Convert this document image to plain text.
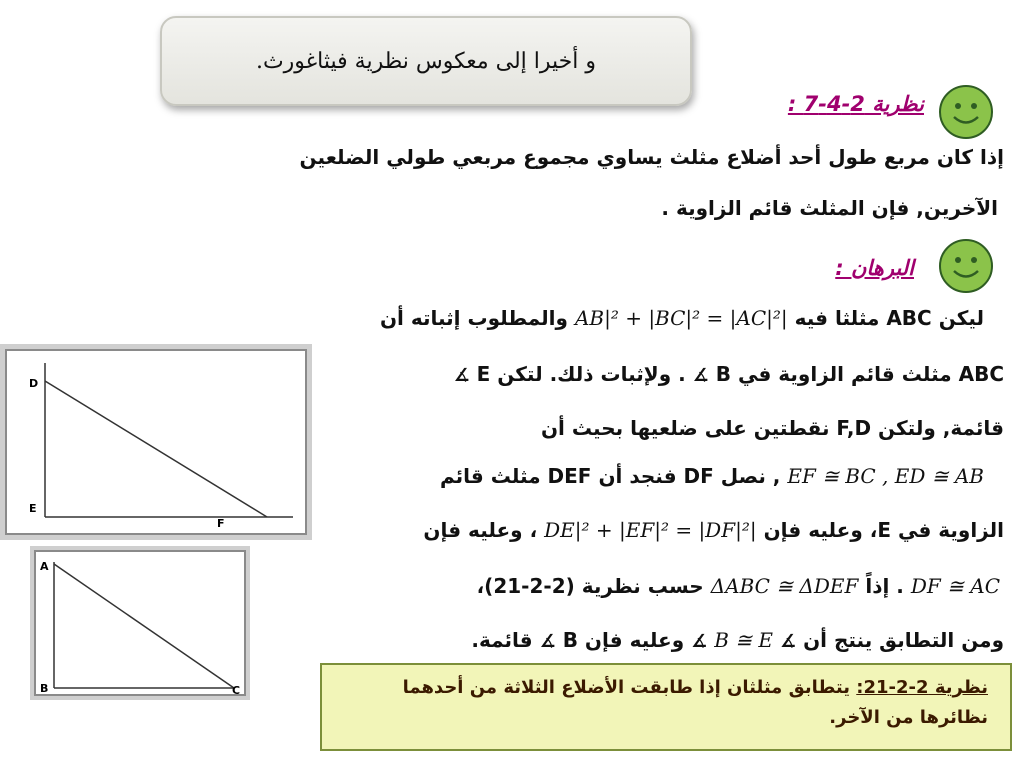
و أخيرا إلى معكوس نظرية فيثاغورث.
نظرية 2-4-7 :
إذا كان مربع طول أحد أضلاع مثلث يساوي مجموع مربعي طولي الضلعين
الآخرين, فإن المثلث قائم الزاوية .
البرهان :
ليكن ABC مثلثا فيه |AB|² + |BC|² = |AC|² والمطلوب إثباته أن
ABC مثلث قائم الزاوية في B ∡ . ولإثبات ذلك. لتكن E ∡
قائمة, ولتكن F,D نقطتين على ضلعيها بحيث أن
EF ≅ BC , ED ≅ AB , نصل DF فنجد أن DEF مثلث قائم
الزاوية في E، وعليه فإن |DE|² + |EF|² = |DF|² ، وعليه فإن
DF ≅ AC . إذاً ΔABC ≅ ΔDEF حسب نظرية (2-2-21)،
ومن التطابق ينتج أن ∡ B ≅ E ∡ وعليه فإن B ∡ قائمة.
D
E
F
A
B	C	نظرية 2-2-21: يتطابق مثلثان إذا طابقت الأضلاع الثلاثة من أحدهما نظائرها من الآخر.
